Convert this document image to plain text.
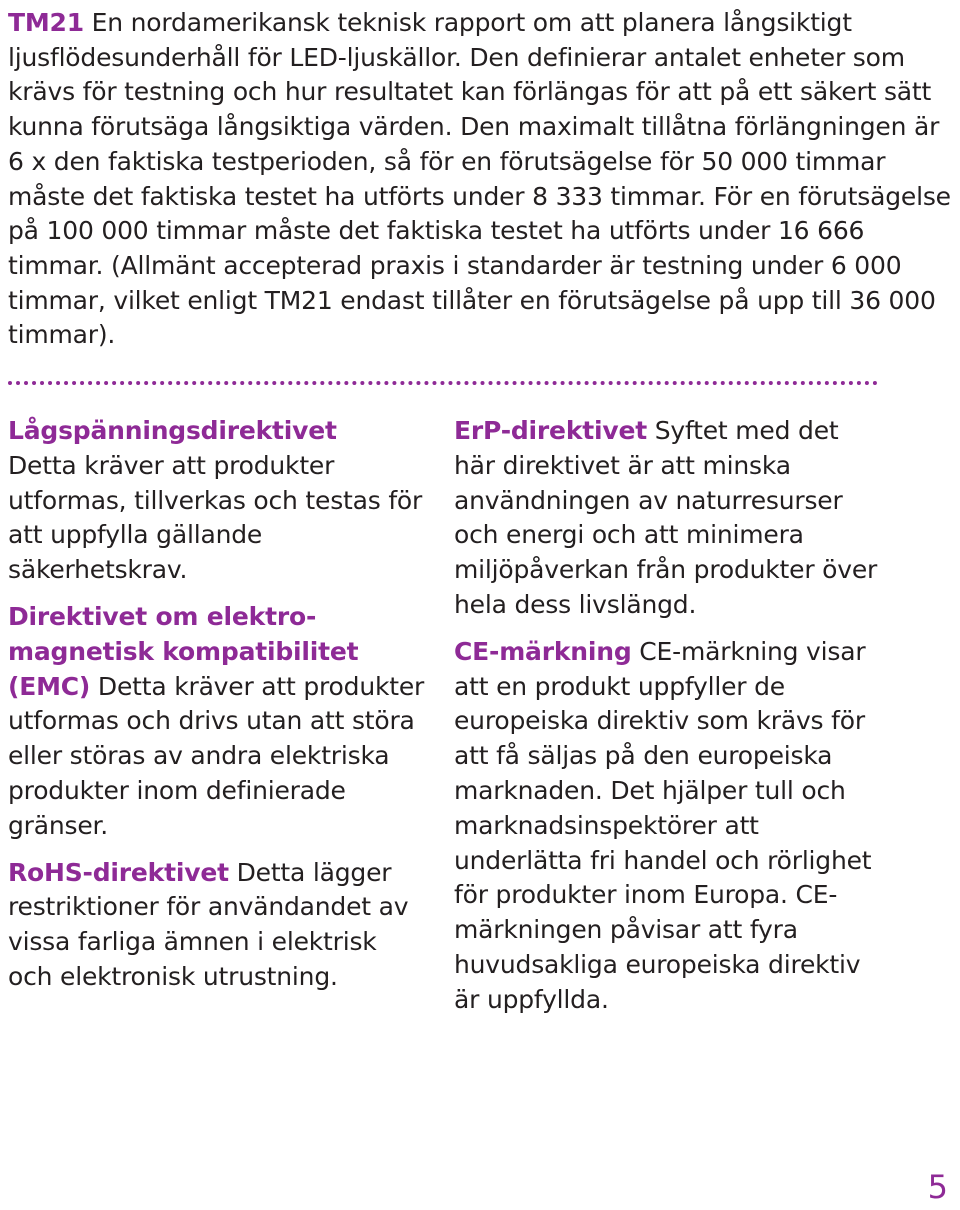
TM21 En nordamerikansk teknisk rapport om att planera långsiktigt ljusflödesunderhåll för LED-ljuskällor. Den definierar antalet enheter som krävs för testning och hur resultatet kan förlängas för att på ett säkert sätt kunna förutsäga långsiktiga värden. Den maximalt tillåtna förlängningen är 6 x den faktiska testperioden, så för en förutsägelse för 50 000 timmar måste det faktiska testet ha utförts under 8 333 timmar. För en förutsägelse på 100 000 timmar måste det faktiska testet ha utförts under 16 666 timmar. (Allmänt accepterad praxis i standarder är testning under 6 000 timmar, vilket enligt TM21 endast tillåter en förutsägelse på upp till 36 000 timmar).

Lågspänningsdirektivet
Detta kräver att produkter utformas, tillverkas och testas för att uppfylla gällande säkerhetskrav.

Direktivet om elektro-magnetisk kompatibilitet (EMC) Detta kräver att produkter utformas och drivs utan att störa eller störas av andra elektriska produkter inom definierade gränser.

RoHS-direktivet Detta lägger restriktioner för användandet av vissa farliga ämnen i elektrisk och elektronisk utrustning.

ErP-direktivet Syftet med det här direktivet är att minska användningen av naturresurser och energi och att minimera miljöpåverkan från produkter över hela dess livslängd.

CE-märkning CE-märkning visar att en produkt uppfyller de europeiska direktiv som krävs för att få säljas på den europeiska marknaden. Det hjälper tull och marknadsinspektörer att underlätta fri handel och rörlighet för produkter inom Europa. CE-märkningen påvisar att fyra huvudsakliga europeiska direktiv är uppfyllda.

5
